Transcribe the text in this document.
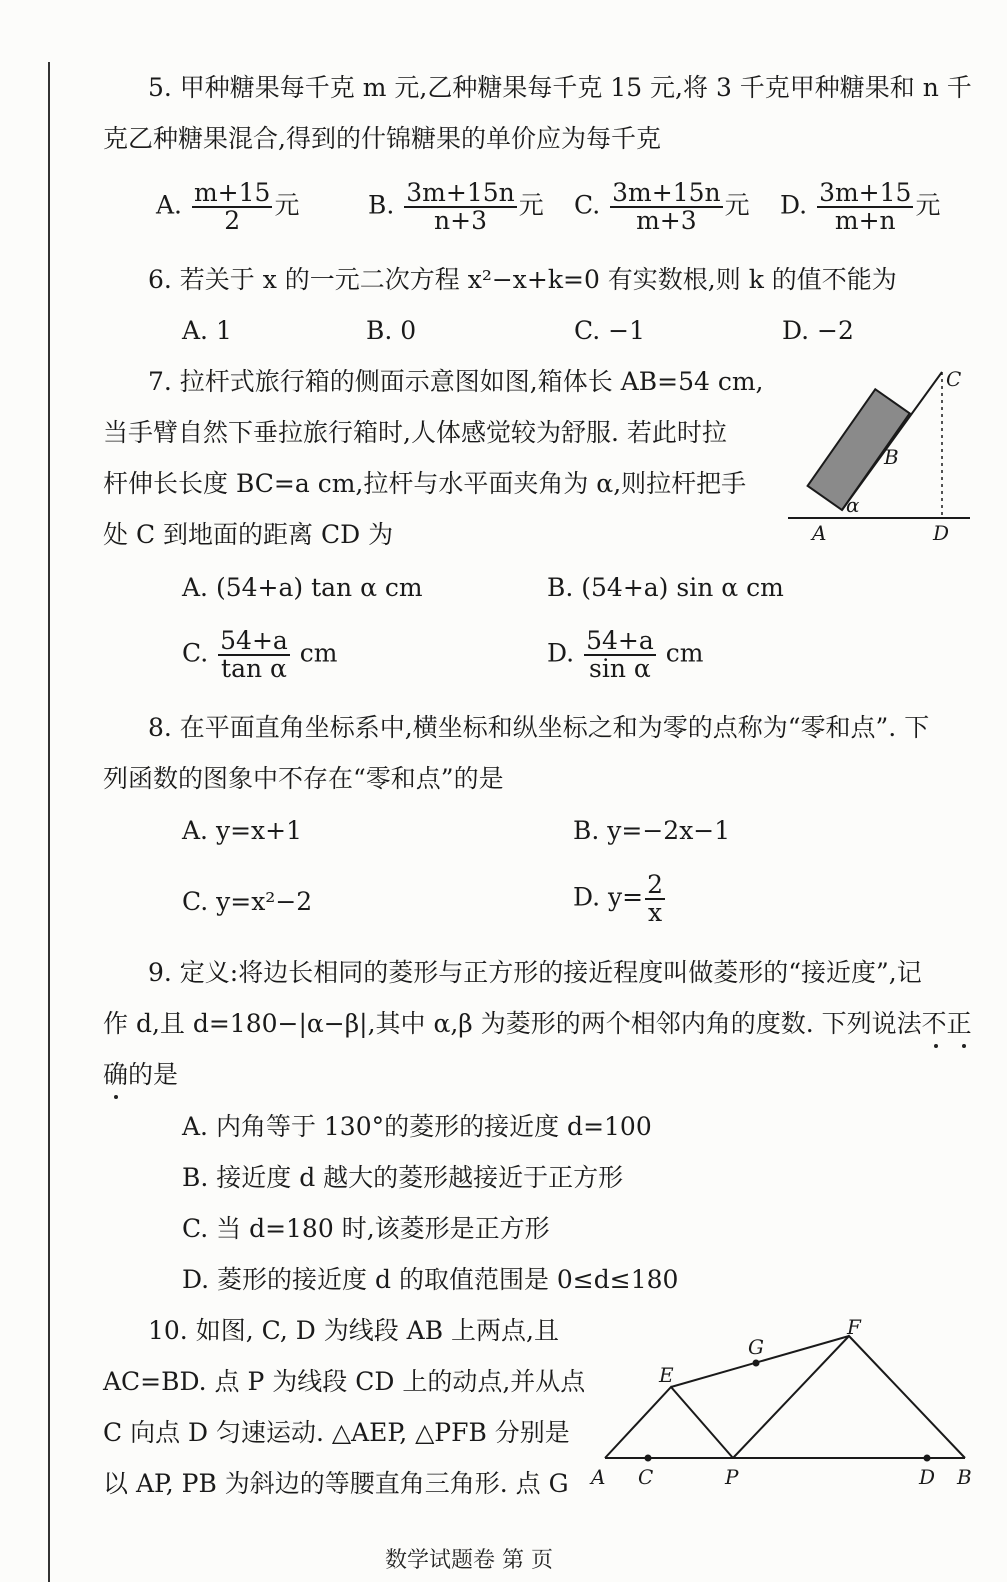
5. 甲种糖果每千克 m 元,乙种糖果每千克 15 元,将 3 千克甲种糖果和 n 千
克乙种糖果混合,得到的什锦糖果的单价应为每千克
A. $\frac{m+15}{2}$ 元	B. $\frac{3m+15n}{n+3}$ 元 C. $\frac{3m+15n}{m+3}$ 元 D. $\frac{3m+15}{m+n}$ 元
6. 若关于 x 的一元二次方程 x²−x+k=0 有实数根,则 k 的值不能为
A. 1	B. 0	C. −1	D. −2
7. 拉杆式旅行箱的侧面示意图如图,箱体长 AB=54 cm,
当手臂自然下垂拉旅行箱时,人体感觉较为舒服. 若此时拉
杆伸长长度 BC=a cm,拉杆与水平面夹角为 α,则拉杆把手
处 C 到地面的距离 CD 为
C
B
α
A	D
A. (54+a) tan α cm	B. (54+a) sin α cm
C. $\frac{54+a}{\text{tan α}}$ cm	D. $\frac{54+a}{\text{sin α}}$ cm
8. 在平面直角坐标系中,横坐标和纵坐标之和为零的点称为“零和点”. 下
列函数的图象中不存在“零和点”的是
A. y=x+1	B. y=−2x−1
C. y=x²−2	D. $y= \frac{2}{x}$
9. 定义:将边长相同的菱形与正方形的接近程度叫做菱形的“接近度”,记
作 d,且 d=180−|α−β|,其中 α,β 为菱形的两个相邻内角的度数. 下列说法不正
确的是
A. 内角等于 130°的菱形的接近度 d=100
B. 接近度 d 越大的菱形越接近于正方形
C. 当 d=180 时,该菱形是正方形
D. 菱形的接近度 d 的取值范围是 0≤d≤180
10. 如图, C, D 为线段 AB 上两点,且
AC=BD. 点 P 为线段 CD 上的动点,并从点
C 向点 D 匀速运动. △AEP, △PFB 分别是
以 AP, PB 为斜边的等腰直角三角形. 点 G
F
G
E
A C	P	D B
数学试题卷 第 页
